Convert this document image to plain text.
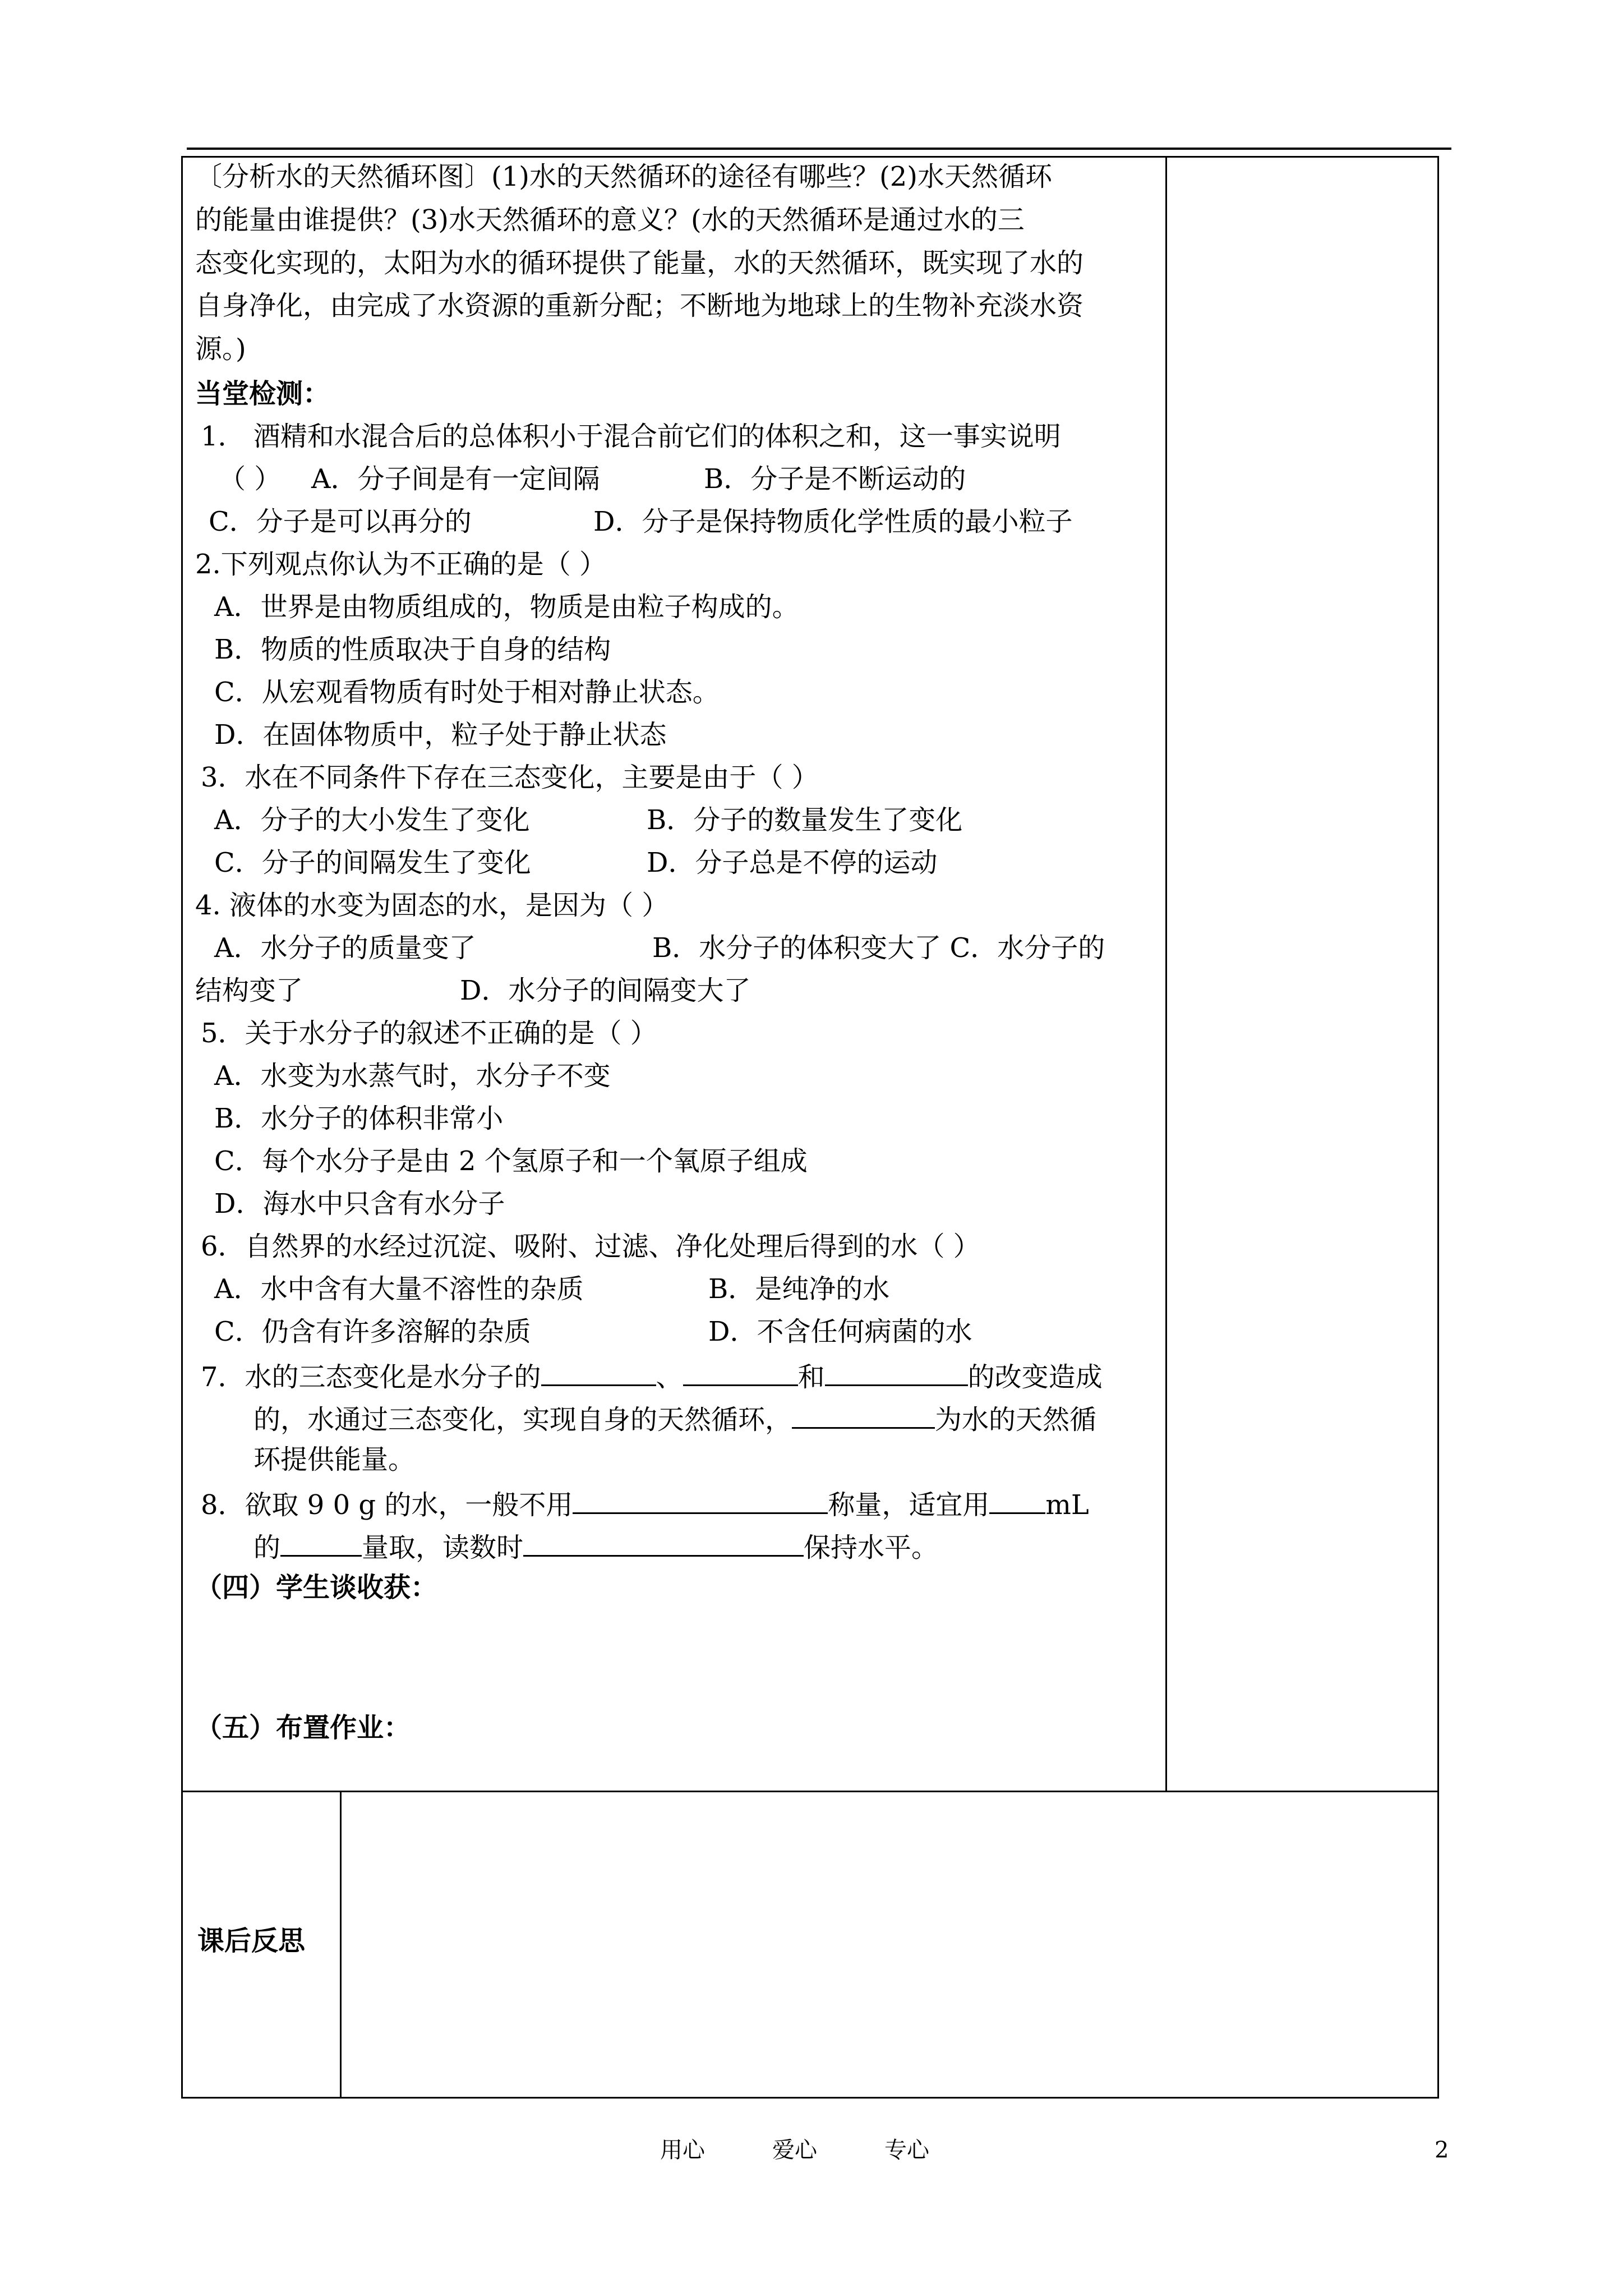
〔分析水的天然循环图〕(1)水的天然循环的途径有哪些？(2)水天然循环
的能量由谁提供？(3)水天然循环的意义？(水的天然循环是通过水的三
态变化实现的，太阳为水的循环提供了能量，水的天然循环，既实现了水的
自身净化，由完成了水资源的重新分配；不断地为地球上的生物补充淡水资
源。)
当堂检测：
1． 酒精和水混合后的总体积小于混合前它们的体积之和，这一事实说明
（ ） A．分子间是有一定间隔	B．分子是不断运动的
C．分子是可以再分的	D．分子是保持物质化学性质的最小粒子
2.下列观点你认为不正确的是（ ）
A．世界是由物质组成的，物质是由粒子构成的。
B．物质的性质取决于自身的结构
C．从宏观看物质有时处于相对静止状态。
D．在固体物质中，粒子处于静止状态
3．水在不同条件下存在三态变化，主要是由于（ ）
A．分子的大小发生了变化	B．分子的数量发生了变化
C．分子的间隔发生了变化	D．分子总是不停的运动
4. 液体的水变为固态的水，是因为（ ）
A．水分子的质量变了	B．水分子的体积变大了 C．水分子的
结构变了	D．水分子的间隔变大了
5．关于水分子的叙述不正确的是（ ）
A．水变为水蒸气时，水分子不变
B．水分子的体积非常小
C．每个水分子是由 2 个氢原子和一个氧原子组成
D．海水中只含有水分子
6．自然界的水经过沉淀、吸附、过滤、净化处理后得到的水（ ）
A．水中含有大量不溶性的杂质	B．是纯净的水
C．仍含有许多溶解的杂质	D．不含任何病菌的水
7．水的三态变化是水分子的	、	和	的改变造成
的，水通过三态变化，实现自身的天然循环，	为水的天然循
环提供能量。
8．欲取 9 0 g 的水，一般不用	称量，适宜用 mL
的	量取，读数时	保持水平。
（四）学生谈收获：
（五）布置作业：
课后反思
用心	爱心	专心	2
